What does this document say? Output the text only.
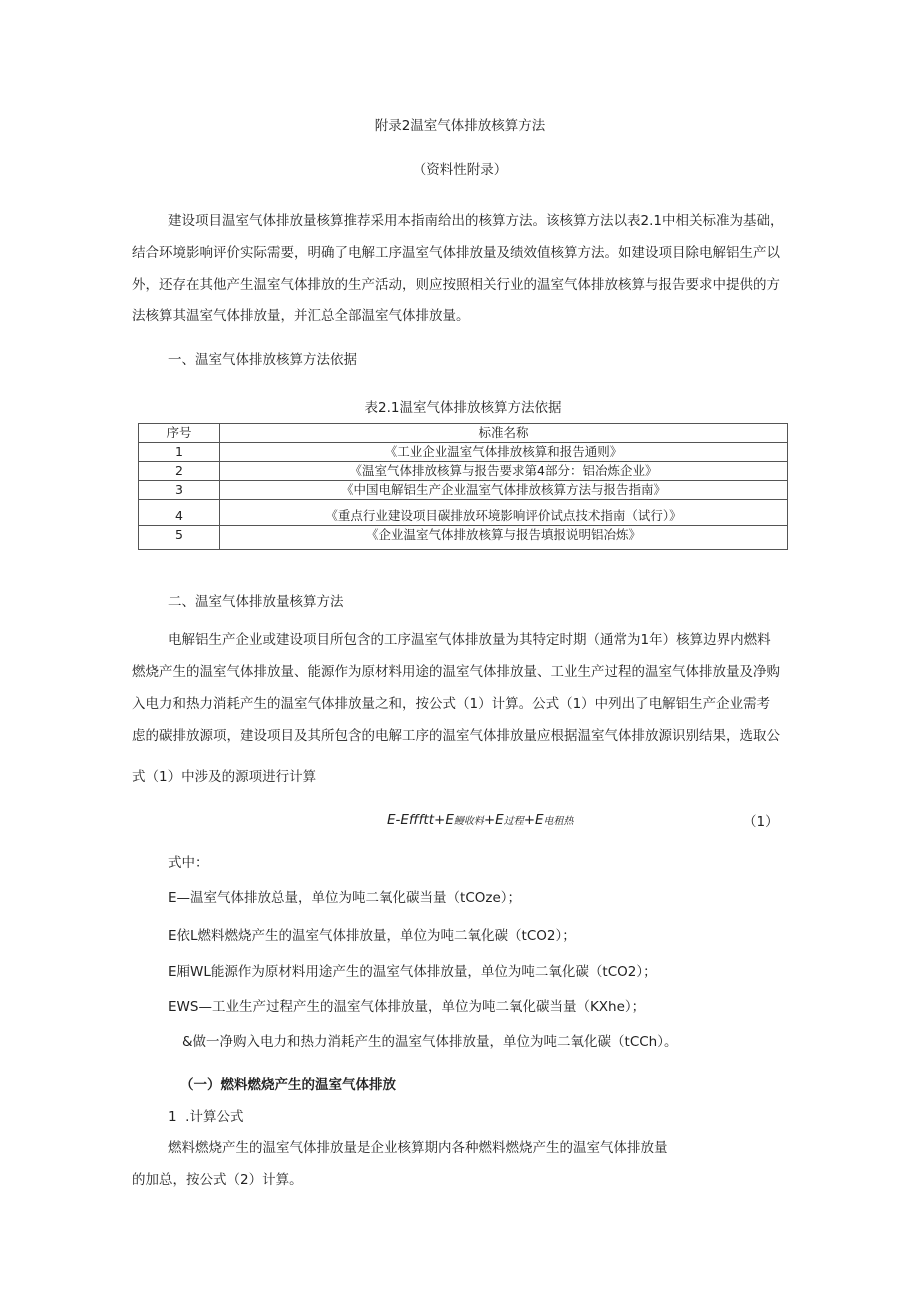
附录2温室气体排放核算方法
（资料性附录）
建设项目温室气体排放量核算推荐采用本指南给出的核算方法。该核算方法以表2.1中相关标准为基础，
结合环境影响评价实际需要，明确了电解工序温室气体排放量及绩效值核算方法。如建设项目除电解铝生产以
外，还存在其他产生温室气体排放的生产活动，则应按照相关行业的温室气体排放核算与报告要求中提供的方
法核算其温室气体排放量，并汇总全部温室气体排放量。
一、温室气体排放核算方法依据
表2.1温室气体排放核算方法依据
序号	标准名称
1	《工业企业温室气体排放核算和报告通则》
2	《温室气体排放核算与报告要求第4部分：铝冶炼企业》
3	《中国电解铝生产企业温室气体排放核算方法与报告指南》
4	《重点行业建设项目碳排放环境影响评价试点技术指南（试行）》
5	《企业温室气体排放核算与报告填报说明铝冶炼》
二、温室气体排放量核算方法
电解铝生产企业或建设项目所包含的工序温室气体排放量为其特定时期（通常为1年）核算边界内燃料
燃烧产生的温室气体排放量、能源作为原材料用途的温室气体排放量、工业生产过程的温室气体排放量及净购
入电力和热力消耗产生的温室气体排放量之和，按公式（1）计算。公式（1）中列出了电解铝生产企业需考
虑的碳排放源项，建设项目及其所包含的电解工序的温室气体排放量应根据温室气体排放源识别结果，选取公
式（1）中涉及的源项进行计算
E-Effftt+E鳗收料+E过程+E电租热	（1）
式中：
E—温室气体排放总量，单位为吨二氧化碳当量（tCOze）；
E依L燃料燃烧产生的温室气体排放量，单位为吨二氧化碳（tCO2）；
E厢WL能源作为原材料用途产生的温室气体排放量，单位为吨二氧化碳（tCO2）；
EWS—工业生产过程产生的温室气体排放量，单位为吨二氧化碳当量（KXhe）；
&做一净购入电力和热力消耗产生的温室气体排放量，单位为吨二氧化碳（tCCh）。
（一）燃料燃烧产生的温室气体排放
1  .计算公式
燃料燃烧产生的温室气体排放量是企业核算期内各种燃料燃烧产生的温室气体排放量
的加总，按公式（2）计算。
